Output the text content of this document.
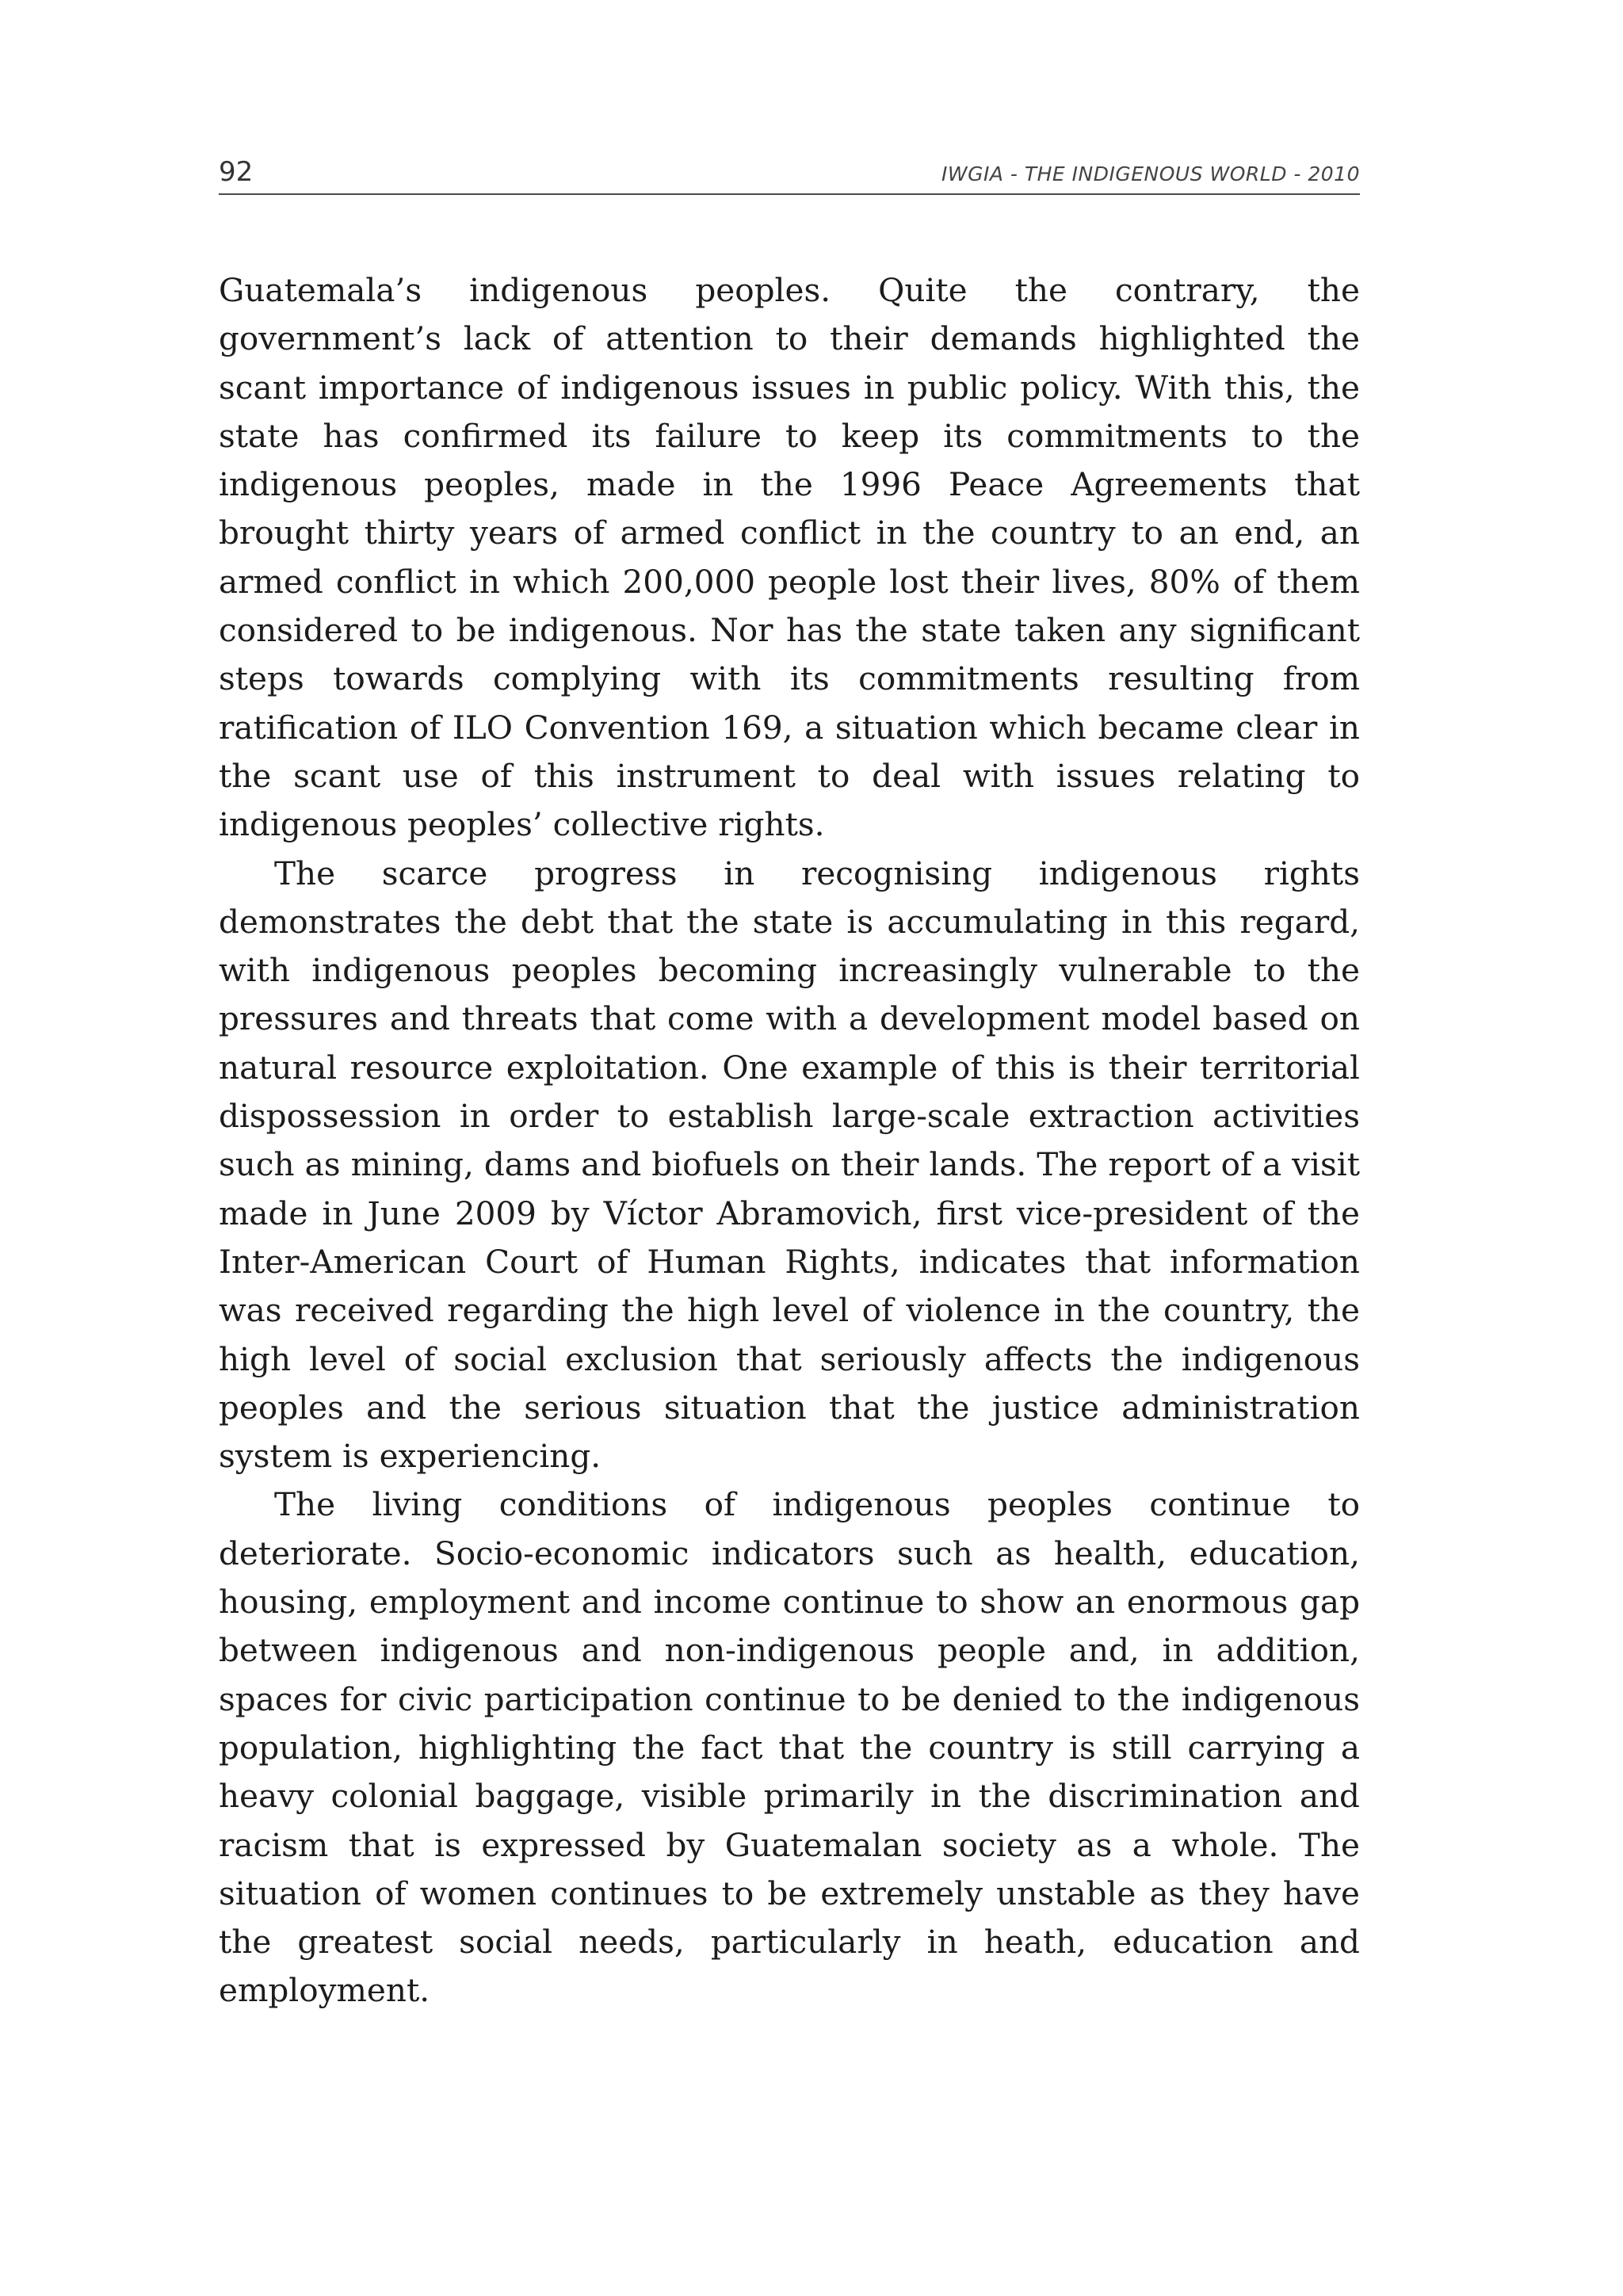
92	IWGIA - THE INDIGENOUS WORLD - 2010

Guatemala’s indigenous peoples. Quite the contrary, the government’s lack of attention to their demands highlighted the scant importance of indigenous issues in public policy. With this, the state has confirmed its failure to keep its commitments to the indigenous peoples, made in the 1996 Peace Agreements that brought thirty years of armed conflict in the country to an end, an armed conflict in which 200,000 people lost their lives, 80% of them considered to be indigenous. Nor has the state taken any significant steps towards complying with its commitments resulting from ratification of ILO Convention 169, a situation which became clear in the scant use of this instrument to deal with issues relating to indigenous peoples’ collective rights.

The scarce progress in recognising indigenous rights demonstrates the debt that the state is accumulating in this regard, with indigenous peoples becoming increasingly vulnerable to the pressures and threats that come with a development model based on natural resource exploitation. One example of this is their territorial dispossession in order to establish large-scale extraction activities such as mining, dams and biofuels on their lands. The report of a visit made in June 2009 by Víctor Abramovich, first vice-president of the Inter-American Court of Human Rights, indicates that information was received regarding the high level of violence in the country, the high level of social exclusion that seriously affects the indigenous peoples and the serious situation that the justice administration system is experiencing.

The living conditions of indigenous peoples continue to deteriorate. Socio-economic indicators such as health, education, housing, employment and income continue to show an enormous gap between indigenous and non-indigenous people and, in addition, spaces for civic participation continue to be denied to the indigenous population, highlighting the fact that the country is still carrying a heavy colonial baggage, visible primarily in the discrimination and racism that is expressed by Guatemalan society as a whole. The situation of women continues to be extremely unstable as they have the greatest social needs, particularly in heath, education and employment.
